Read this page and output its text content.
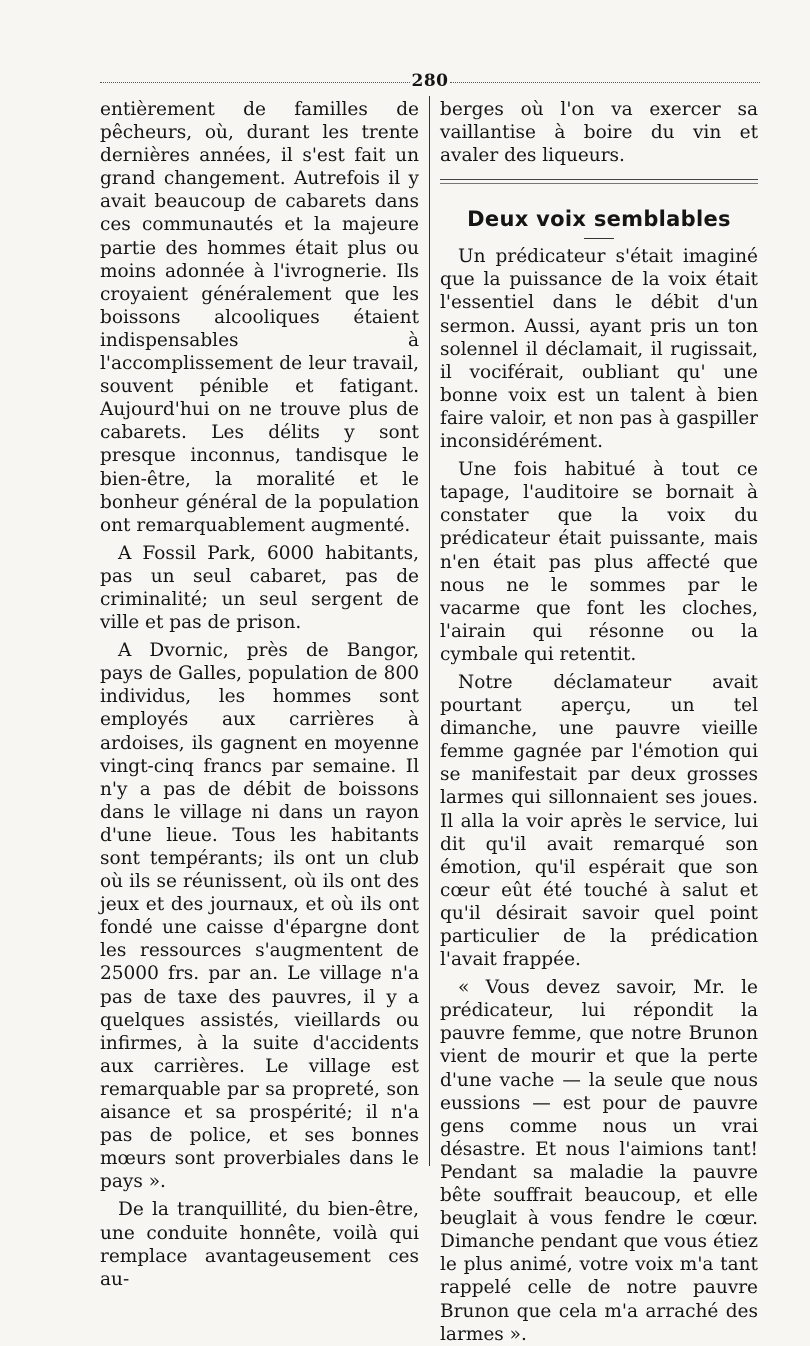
280

entièrement de familles de pêcheurs, où, durant les trente dernières années, il s'est fait un grand changement. Autrefois il y avait beaucoup de cabarets dans ces communautés et la majeure partie des hommes était plus ou moins adonnée à l'ivrognerie. Ils croyaient généralement que les boissons alcooliques étaient indispensables à l'accomplissement de leur travail, souvent pénible et fatigant. Aujourd'hui on ne trouve plus de cabarets. Les délits y sont presque inconnus, tandisque le bien-être, la moralité et le bonheur général de la population ont remarquablement augmenté.

A Fossil Park, 6000 habitants, pas un seul cabaret, pas de criminalité; un seul sergent de ville et pas de prison.

A Dvornic, près de Bangor, pays de Galles, population de 800 individus, les hommes sont employés aux carrières à ardoises, ils gagnent en moyenne vingt-cinq francs par semaine. Il n'y a pas de débit de boissons dans le village ni dans un rayon d'une lieue. Tous les habitants sont tempérants; ils ont un club où ils se réunissent, où ils ont des jeux et des journaux, et où ils ont fondé une caisse d'épargne dont les ressources s'augmentent de 25000 frs. par an. Le village n'a pas de taxe des pauvres, il y a quelques assistés, vieillards ou infirmes, à la suite d'accidents aux carrières. Le village est remarquable par sa propreté, son aisance et sa prospérité; il n'a pas de police, et ses bonnes mœurs sont proverbiales dans le pays ».

De la tranquillité, du bien-être, une conduite honnête, voilà qui remplace avantageusement ces au-

berges où l'on va exercer sa vaillantise à boire du vin et avaler des liqueurs.

Deux voix semblables

Un prédicateur s'était imaginé que la puissance de la voix était l'essentiel dans le débit d'un sermon. Aussi, ayant pris un ton solennel il déclamait, il rugissait, il vociférait, oubliant qu' une bonne voix est un talent à bien faire valoir, et non pas à gaspiller inconsidérément.

Une fois habitué à tout ce tapage, l'auditoire se bornait à constater que la voix du prédicateur était puissante, mais n'en était pas plus affecté que nous ne le sommes par le vacarme que font les cloches, l'airain qui résonne ou la cymbale qui retentit.

Notre déclamateur avait pourtant aperçu, un tel dimanche, une pauvre vieille femme gagnée par l'émotion qui se manifestait par deux grosses larmes qui sillonnaient ses joues. Il alla la voir après le service, lui dit qu'il avait remarqué son émotion, qu'il espérait que son cœur eût été touché à salut et qu'il désirait savoir quel point particulier de la prédication l'avait frappée.

« Vous devez savoir, Mr. le prédicateur, lui répondit la pauvre femme, que notre Brunon vient de mourir et que la perte d'une vache — la seule que nous eussions — est pour de pauvre gens comme nous un vrai désastre. Et nous l'aimions tant! Pendant sa maladie la pauvre bête souffrait beaucoup, et elle beuglait à vous fendre le cœur. Dimanche pendant que vous étiez le plus animé, votre voix m'a tant rappelé celle de notre pauvre Brunon que cela m'a arraché des larmes ».
